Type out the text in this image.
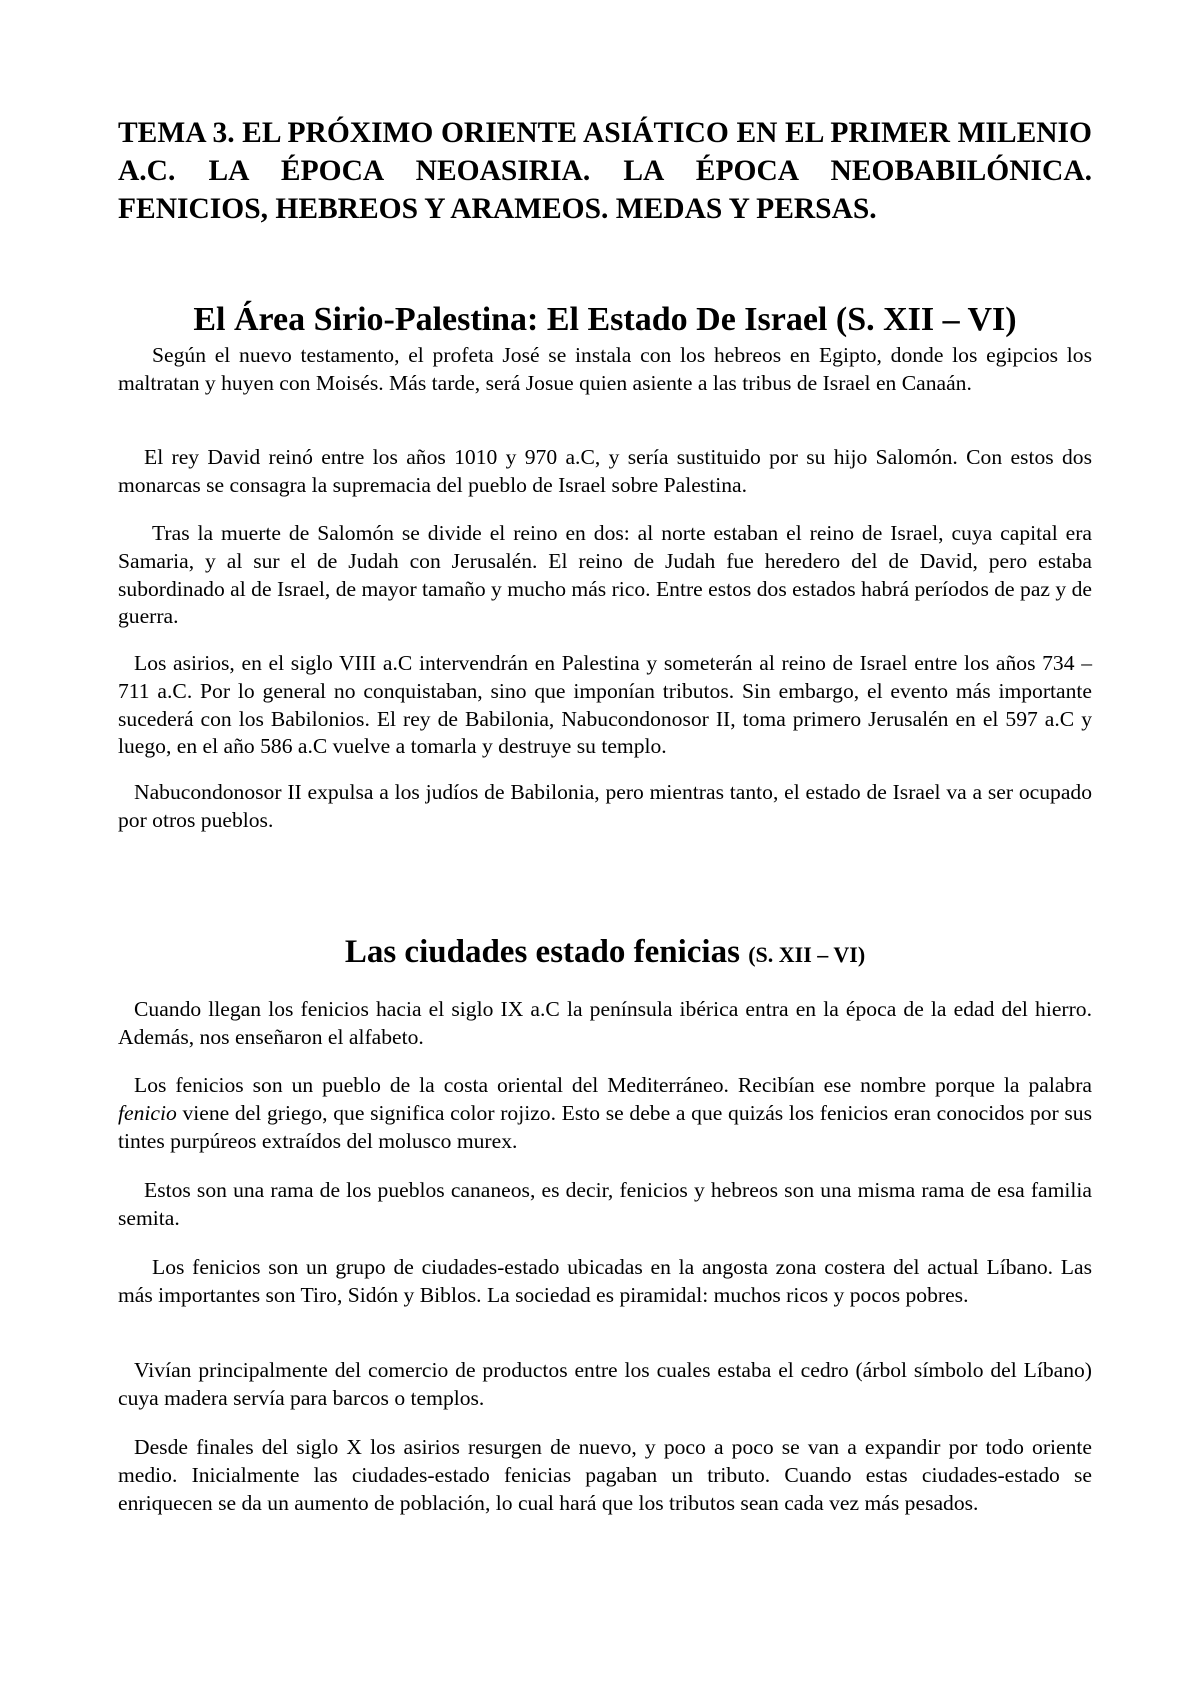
TEMA 3. EL PRÓXIMO ORIENTE ASIÁTICO EN EL PRIMER MILENIO A.C. LA ÉPOCA NEOASIRIA. LA ÉPOCA NEOBABILÓNICA. FENICIOS, HEBREOS Y ARAMEOS. MEDAS Y PERSAS.
El Área Sirio-Palestina: El Estado De Israel (S. XII – VI)

Según el nuevo testamento, el profeta José se instala con los hebreos en Egipto, donde los egipcios los maltratan y huyen con Moisés. Más tarde, será Josue quien asiente a las tribus de Israel en Canaán.

El rey David reinó entre los años 1010 y 970 a.C, y sería sustituido por su hijo Salomón. Con estos dos monarcas se consagra la supremacia del pueblo de Israel sobre Palestina.

Tras la muerte de Salomón se divide el reino en dos: al norte estaban el reino de Israel, cuya capital era Samaria, y al sur el de Judah con Jerusalén. El reino de Judah fue heredero del de David, pero estaba subordinado al de Israel, de mayor tamaño y mucho más rico. Entre estos dos estados habrá períodos de paz y de guerra.

Los asirios, en el siglo VIII a.C intervendrán en Palestina y someterán al reino de Israel entre los años 734 – 711 a.C. Por lo general no conquistaban, sino que imponían tributos. Sin embargo, el evento más importante sucederá con los Babilonios. El rey de Babilonia, Nabucondonosor II, toma primero Jerusalén en el 597 a.C y luego, en el año 586 a.C vuelve a tomarla y destruye su templo.

Nabucondonosor II expulsa a los judíos de Babilonia, pero mientras tanto, el estado de Israel va a ser ocupado por otros pueblos.

Las ciudades estado fenicias (S. XII – VI)

Cuando llegan los fenicios hacia el siglo IX a.C la península ibérica entra en la época de la edad del hierro. Además, nos enseñaron el alfabeto.

Los fenicios son un pueblo de la costa oriental del Mediterráneo. Recibían ese nombre porque la palabra fenicio viene del griego, que significa color rojizo. Esto se debe a que quizás los fenicios eran conocidos por sus tintes purpúreos extraídos del molusco murex.

Estos son una rama de los pueblos cananeos, es decir, fenicios y hebreos son una misma rama de esa familia semita.

Los fenicios son un grupo de ciudades-estado ubicadas en la angosta zona costera del actual Líbano. Las más importantes son Tiro, Sidón y Biblos. La sociedad es piramidal: muchos ricos y pocos pobres.

Vivían principalmente del comercio de productos entre los cuales estaba el cedro (árbol símbolo del Líbano) cuya madera servía para barcos o templos.

Desde finales del siglo X los asirios resurgen de nuevo, y poco a poco se van a expandir por todo oriente medio. Inicialmente las ciudades-estado fenicias pagaban un tributo. Cuando estas ciudades-estado se enriquecen se da un aumento de población, lo cual hará que los tributos sean cada vez más pesados.
